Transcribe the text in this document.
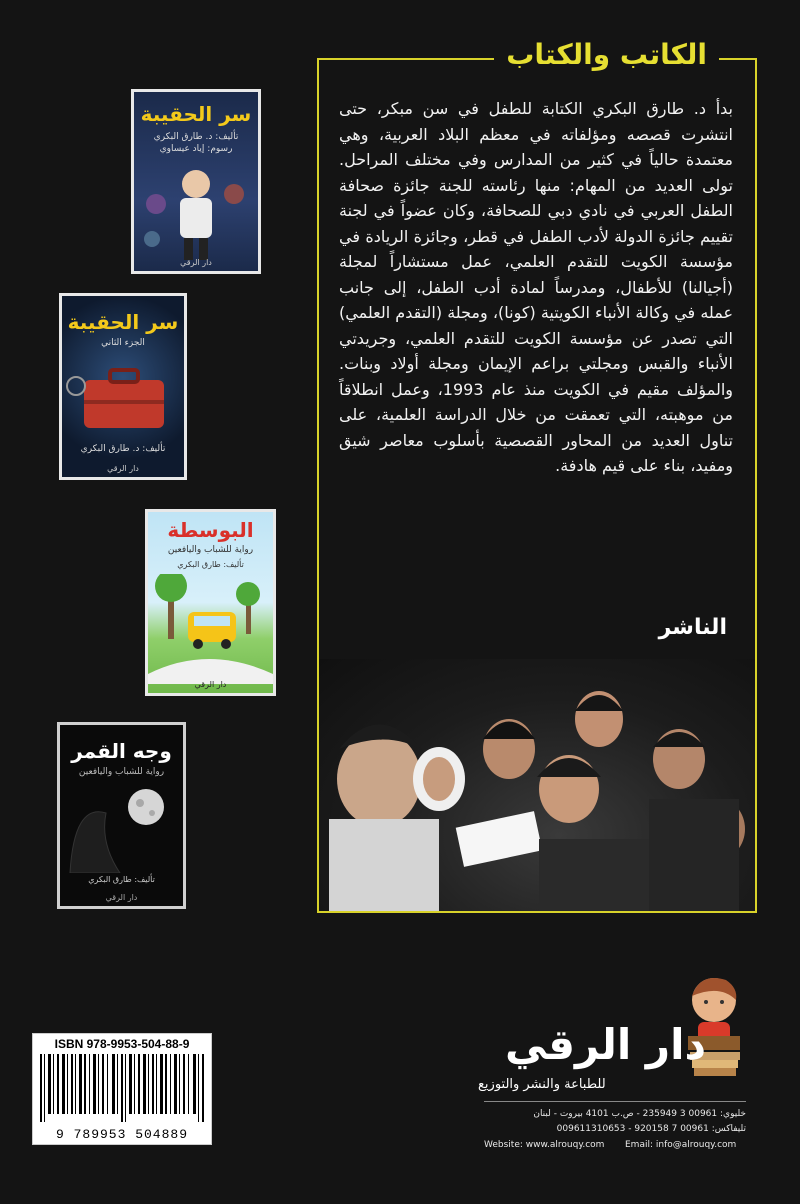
سر الحقيبة
تأليف: د. طارق البكري
رسوم: إياد عيساوي
دار الرقي
سر الحقيبة
الجزء الثاني
تأليف: د. طارق البكري
دار الرقي
البوسطة
رواية للشباب واليافعين
تأليف: طارق البكري
دار الرقي
وجه القمر
رواية للشباب واليافعين
تأليف: طارق البكري
دار الرقي
الكاتب والكتاب
بدأ د. طارق البكري الكتابة للطفل في سن مبكر، حتى انتشرت قصصه ومؤلفاته في معظم البلاد العربية، وهي معتمدة حالياً في كثير من المدارس وفي مختلف المراحل. تولى العديد من المهام: منها رئاسته للجنة جائزة صحافة الطفل العربي في نادي دبي للصحافة، وكان عضواً في لجنة تقييم جائزة الدولة لأدب الطفل في قطر، وجائزة الريادة في مؤسسة الكويت للتقدم العلمي، عمل مستشاراً لمجلة (أجيالنا) للأطفال، ومدرساً لمادة أدب الطفل، إلى جانب عمله في وكالة الأنباء الكويتية (كونا)، ومجلة (التقدم العلمي) التي تصدر عن مؤسسة الكويت للتقدم العلمي، وجريدتي الأنباء والقبس ومجلتي براعم الإيمان ومجلة أولاد وبنات. والمؤلف مقيم في الكويت منذ عام 1993، وعمل انطلاقاً من موهبته، التي تعمقت من خلال الدراسة العلمية، على تناول العديد من المحاور القصصية بأسلوب معاصر شيق ومفيد، بناء على قيم هادفة.
الناشر
ISBN 978-9953-504-88-9
9 789953 504889
دار الرقي
للطباعة والنشر والتوزيع
خليوي: 00961 3 235949 - ص.ب 4101 بيروت - لبنان
تليفاكس: 00961 7 920158 - 009611310653
Website: www.alrouqy.com Email: info@alrouqy.com
